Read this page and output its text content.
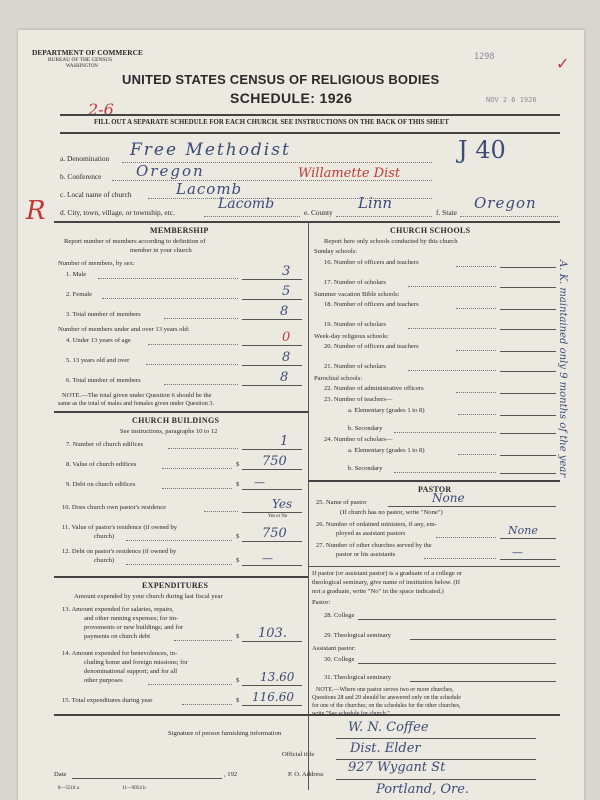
DEPARTMENT OF COMMERCE
BUREAU OF THE CENSUS
WASHINGTON
1298	✓
UNITED STATES CENSUS OF RELIGIOUS BODIES
SCHEDULE: 1926	NOV 2 6 1926
2-6
FILL OUT A SEPARATE SCHEDULE FOR EACH CHURCH. SEE INSTRUCTIONS ON THE BACK OF THIS SHEET
a. Denomination Free Methodist	J 40
b. Conference Oregon	Willamette Dist
c. Local name of church	Lacomb
R d. City, town, village, or township, etc.
Lacomb
e. County
Linn
f. State
Oregon
MEMBERSHIP
Report number of members according to definition of
member in your church
Number of members, by sex:
1. Male	3
2. Female	5
3. Total number of members	8
Number of members under and over 13 years old:
4. Under 13 years of age	0
5. 13 years old and over	8
6. Total number of members	8
NOTE.—The total given under Question 6 should be the
same as the total of males and females given under Question 3.
CHURCH BUILDINGS
See instructions, paragraphs 10 to 12
7. Number of church edifices	1
8. Value of church edifices	$ 750
9. Debt on church edifices	$ —
10. Does church own pastor's residence	Yes
Yes or No
11. Value of pastor's residence (if owned by
church)	$ 750
12. Debt on pastor's residence (if owned by
church)	$ —
EXPENDITURES
Amount expended by your church during last fiscal year
13. Amount expended for salaries, repairs,
and other running expenses; for im-
provements or new buildings; and for
payments on church debt	$ 103.
14. Amount expended for benevolences, in-
cluding home and foreign missions; for
denominational support; and for all
other purposes	$ 13.60
15. Total expenditures during year	$ 116.60
CHURCH SCHOOLS
Report here only schools conducted by this church
Sunday schools:
16. Number of officers and teachers
17. Number of scholars
Summer vacation Bible schools:
18. Number of officers and teachers
19. Number of scholars
Week-day religious schools:
20. Number of officers and teachers
21. Number of scholars
Parochial schools:
22. Number of administrative officers
23. Number of teachers—
a. Elementary (grades 1 to 8)
b. Secondary
24. Number of scholars—
a. Elementary (grades 1 to 8)
b. Secondary
PASTOR
25. Name of pastor	None
(If church has no pastor, write "None")
26. Number of ordained ministers, if any, em-
ployed as assistant pastors	None
27. Number of other churches served by the
pastor or his assistants	—
If pastor (or assistant pastor) is a graduate of a college or
theological seminary, give name of institution below. (If
not a graduate, write "No" in the space indicated.)
Pastor:
28. College
29. Theological seminary
Assistant pastor:
30. College
31. Theological seminary
NOTE.—Where one pastor serves two or more churches,
Questions 28 and 29 should be answered only on the schedule
for one of the churches; on the schedules for the other churches,
write "See schedule for church."
A. K. maintained only 9 months of the year
Signature of person furnishing information	W. N. Coffee
Official title	Dist. Elder
Date	, 192	P. O. Address 927 Wygant St
Portland, Ore.
8—5518 a	11—9054 b
